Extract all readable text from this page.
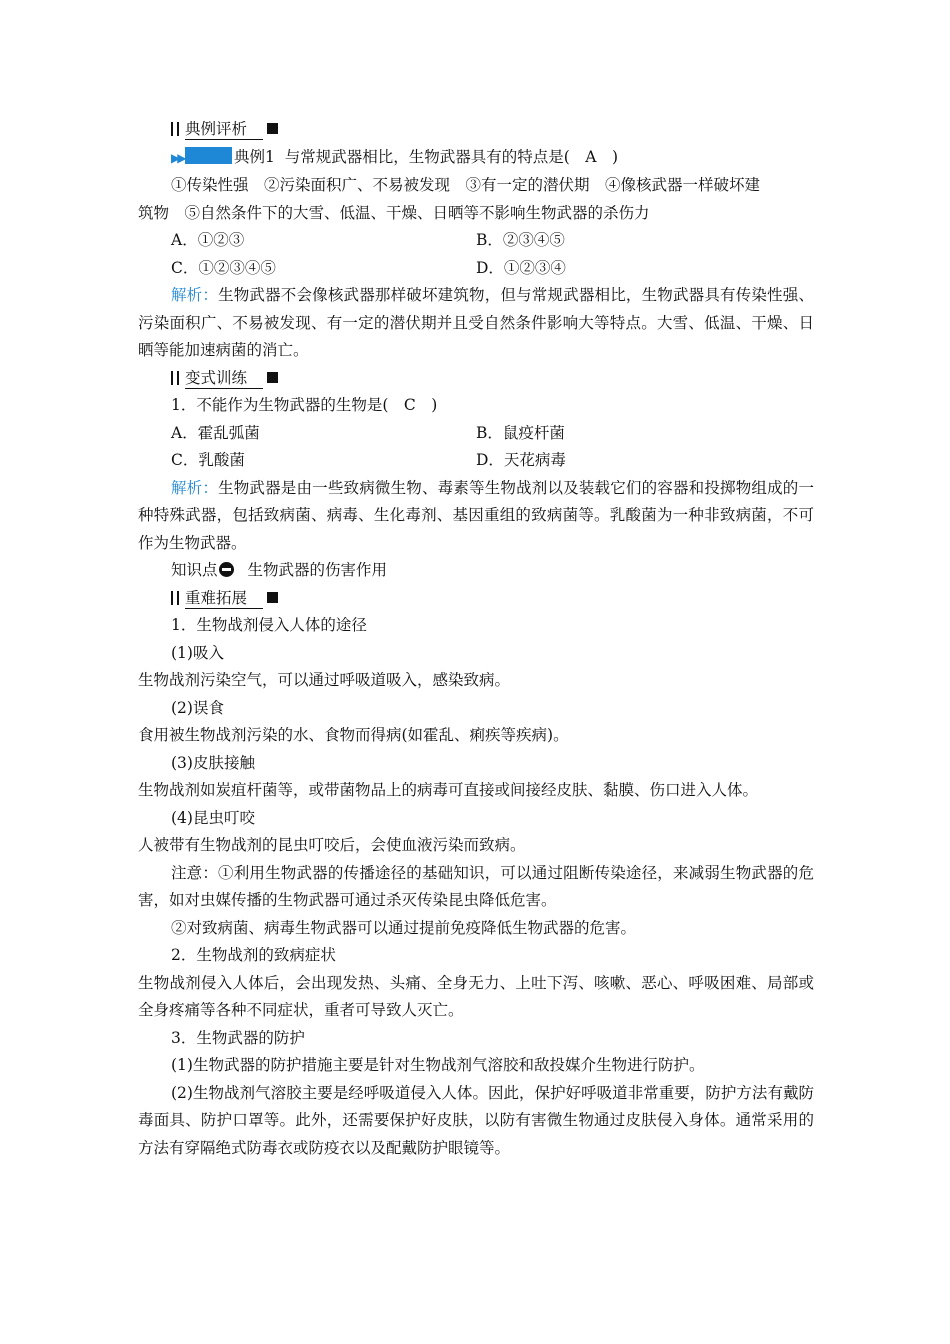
典例评析
▶▶	典例1 与常规武器相比，生物武器具有的特点是(　A　)
①传染性强　②污染面积广、不易被发现　③有一定的潜伏期　④像核武器一样破坏建
筑物　⑤自然条件下的大雪、低温、干燥、日晒等不影响生物武器的杀伤力
A．①②③	B．②③④⑤
C．①②③④⑤	D．①②③④
解析：生物武器不会像核武器那样破坏建筑物，但与常规武器相比，生物武器具有传染性强、污染面积广、不易被发现、有一定的潜伏期并且受自然条件影响大等特点。大雪、低温、干燥、日晒等能加速病菌的消亡。
变式训练
1．不能作为生物武器的生物是(　C　)
A．霍乱弧菌	B．鼠疫杆菌
C．乳酸菌	D．天花病毒
解析：生物武器是由一些致病微生物、毒素等生物战剂以及装载它们的容器和投掷物组成的一种特殊武器，包括致病菌、病毒、生化毒剂、基因重组的致病菌等。乳酸菌为一种非致病菌，不可作为生物武器。
知识点 生物武器的伤害作用
重难拓展
1．生物战剂侵入人体的途径
(1)吸入
生物战剂污染空气，可以通过呼吸道吸入，感染致病。
(2)误食
食用被生物战剂污染的水、食物而得病(如霍乱、痢疾等疾病)。
(3)皮肤接触
生物战剂如炭疽杆菌等，或带菌物品上的病毒可直接或间接经皮肤、黏膜、伤口进入人体。
(4)昆虫叮咬
人被带有生物战剂的昆虫叮咬后，会使血液污染而致病。
注意：①利用生物武器的传播途径的基础知识，可以通过阻断传染途径，来减弱生物武器的危害，如对虫媒传播的生物武器可通过杀灭传染昆虫降低危害。
②对致病菌、病毒生物武器可以通过提前免疫降低生物武器的危害。
2．生物战剂的致病症状
生物战剂侵入人体后，会出现发热、头痛、全身无力、上吐下泻、咳嗽、恶心、呼吸困难、局部或全身疼痛等各种不同症状，重者可导致人灭亡。
3．生物武器的防护
(1)生物武器的防护措施主要是针对生物战剂气溶胶和敌投媒介生物进行防护。
(2)生物战剂气溶胶主要是经呼吸道侵入人体。因此，保护好呼吸道非常重要，防护方法有戴防毒面具、防护口罩等。此外，还需要保护好皮肤，以防有害微生物通过皮肤侵入身体。通常采用的方法有穿隔绝式防毒衣或防疫衣以及配戴防护眼镜等。
